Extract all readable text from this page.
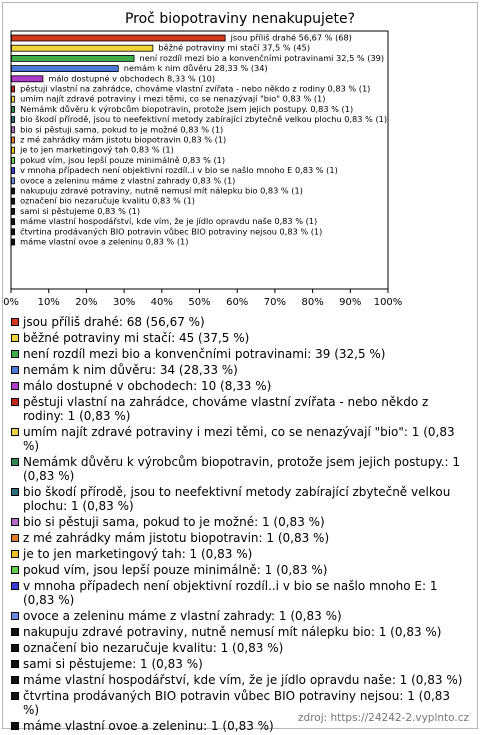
Proč biopotraviny nenakupujete?
jsou příliš drahé 56,67 % (68)
běžné potraviny mi stačí 37,5 % (45)
není rozdíl mezi bio a konvenčními potravinami 32,5 % (39)
nemám k nim důvěru 28,33 % (34)
málo dostupné v obchodech 8,33 % (10)
pěstuji vlastní na zahrádce, chováme vlastní zvířata - nebo někdo z rodiny 0,83 % (1)
umím najít zdravé potraviny i mezi těmi, co se nenazývají "bio" 0,83 % (1)
Nemámk důvěru k výrobcům biopotravin, protože jsem jejich postupy. 0,83 % (1)
bio škodí přírodě, jsou to neefektivní metody zabírající zbytečně velkou plochu 0,83 % (1)
bio si pěstuji sama, pokud to je možné 0,83 % (1)
z mé zahrádky mám jistotu biopotravin 0,83 % (1)
je to jen marketingový tah 0,83 % (1)
pokud vím, jsou lepší pouze minimálně 0,83 % (1)
v mnoha případech není objektivní rozdíl..i v bio se našlo mnoho E 0,83 % (1)
ovoce a zeleninu máme z vlastní zahrady 0,83 % (1)
nakupuju zdravé potraviny, nutně nemusí mít nálepku bio 0,83 % (1)
označení bio nezaručuje kvalitu 0,83 % (1)
sami si pěstujeme 0,83 % (1)
máme vlastní hospodářství, kde vím, že je jídlo opravdu naše 0,83 % (1)
čtvrtina prodávaných BIO potravin vůbec BIO potraviny nejsou 0,83 % (1)
máme vlastní ovoe a zeleninu 0,83 % (1)
0% 10% 20% 30% 40% 50% 60% 70% 80% 90% 100%
jsou příliš drahé: 68 (56,67 %)
běžné potraviny mi stačí: 45 (37,5 %)
není rozdíl mezi bio a konvenčními potravinami: 39 (32,5 %)
nemám k nim důvěru: 34 (28,33 %)
málo dostupné v obchodech: 10 (8,33 %)
pěstuji vlastní na zahrádce, chováme vlastní zvířata - nebo někdo z rodiny: 1 (0,83 %)
umím najít zdravé potraviny i mezi těmi, co se nenazývají "bio": 1 (0,83 %)
Nemámk důvěru k výrobcům biopotravin, protože jsem jejich postupy.: 1 (0,83 %)
bio škodí přírodě, jsou to neefektivní metody zabírající zbytečně velkou plochu: 1 (0,83 %)
bio si pěstuji sama, pokud to je možné: 1 (0,83 %)
z mé zahrádky mám jistotu biopotravin: 1 (0,83 %)
je to jen marketingový tah: 1 (0,83 %)
pokud vím, jsou lepší pouze minimálně: 1 (0,83 %)
v mnoha případech není objektivní rozdíl..i v bio se našlo mnoho E: 1 (0,83 %)
ovoce a zeleninu máme z vlastní zahrady: 1 (0,83 %)
nakupuju zdravé potraviny, nutně nemusí mít nálepku bio: 1 (0,83 %)
označení bio nezaručuje kvalitu: 1 (0,83 %)
sami si pěstujeme: 1 (0,83 %)
máme vlastní hospodářství, kde vím, že je jídlo opravdu naše: 1 (0,83 %)
čtvrtina prodávaných BIO potravin vůbec BIO potraviny nejsou: 1 (0,83 %)
máme vlastní ovoe a zeleninu: 1 (0,83 %)
zdroj: https://24242-2.vyplnto.cz
